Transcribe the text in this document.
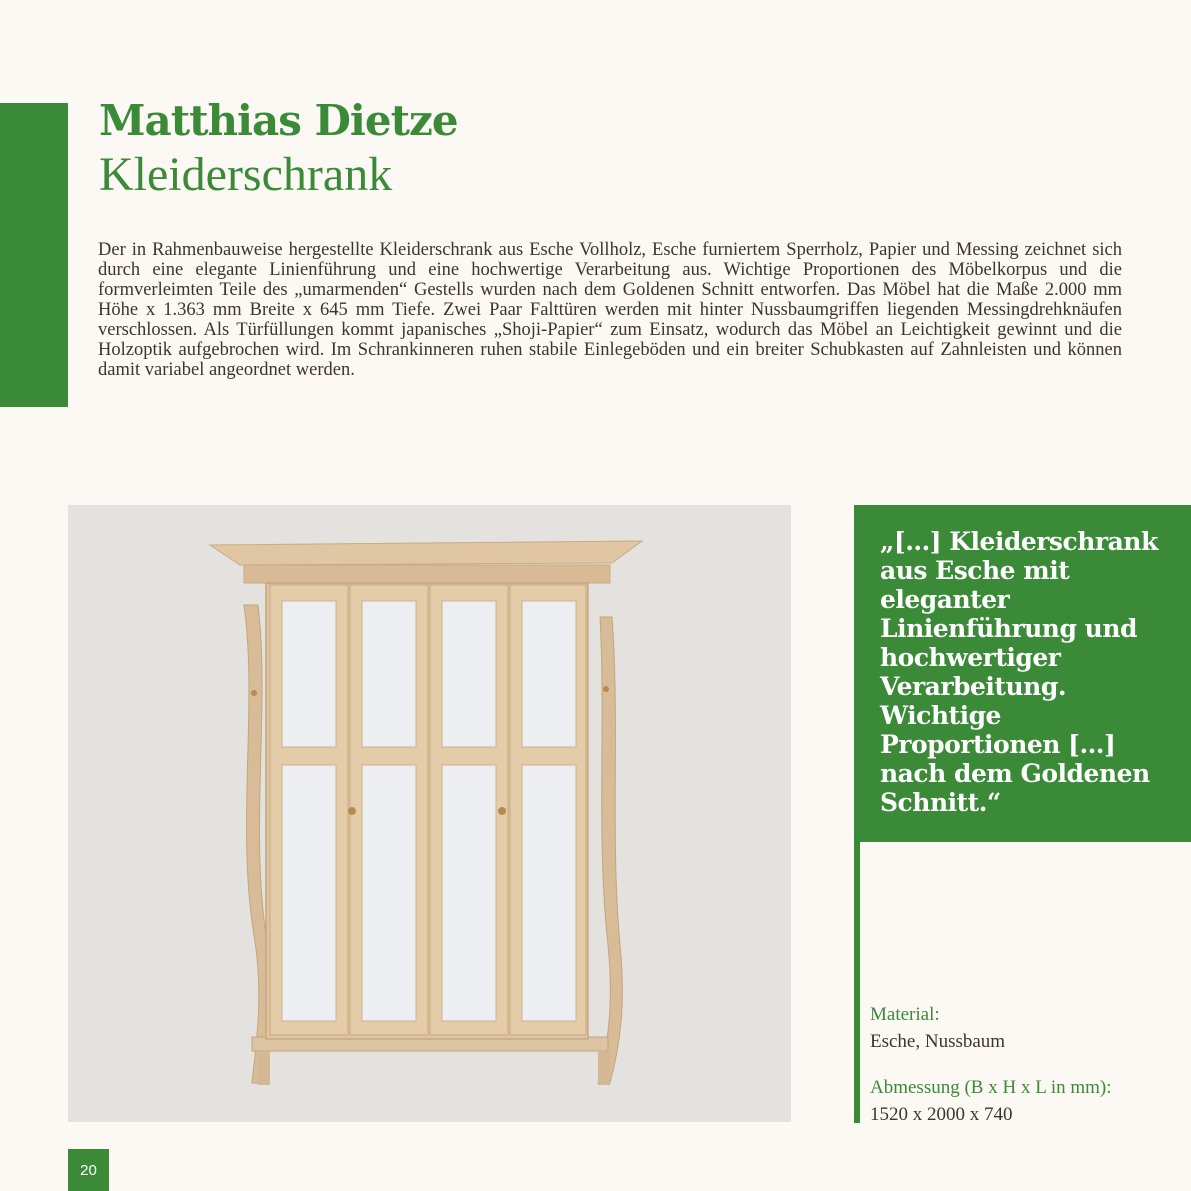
Matthias Dietze
Kleiderschrank

Der in Rahmenbauweise hergestellte Kleiderschrank aus Esche Vollholz, Esche furniertem Sperrholz, Papier und Messing zeichnet sich durch eine elegante Linienführung und eine hochwertige Verarbeitung aus. Wichtige Proportionen des Möbelkorpus und die formverleimten Teile des „umarmenden“ Gestells wurden nach dem Goldenen Schnitt entworfen. Das Möbel hat die Maße 2.000 mm Höhe x 1.363 mm Breite x 645 mm Tiefe. Zwei Paar Falttüren werden mit hinter Nussbaumgriffen liegenden Messingdrehknäufen verschlossen. Als Türfüllungen kommt japanisches „Shoji-Papier“ zum Einsatz, wodurch das Möbel an Leichtigkeit gewinnt und die Holzoptik aufgebrochen wird. Im Schrankinneren ruhen stabile Einlegeböden und ein breiter Schubkasten auf Zahnleisten und können damit variabel angeordnet werden.

„[…] Kleiderschrank aus Esche mit eleganter Linienführung und hochwertiger Verarbeitung. Wichtige Proportionen […] nach dem Goldenen Schnitt.“

Material:

Esche, Nussbaum

Abmessung (B x H x L in mm):

1520 x 2000 x 740

20
